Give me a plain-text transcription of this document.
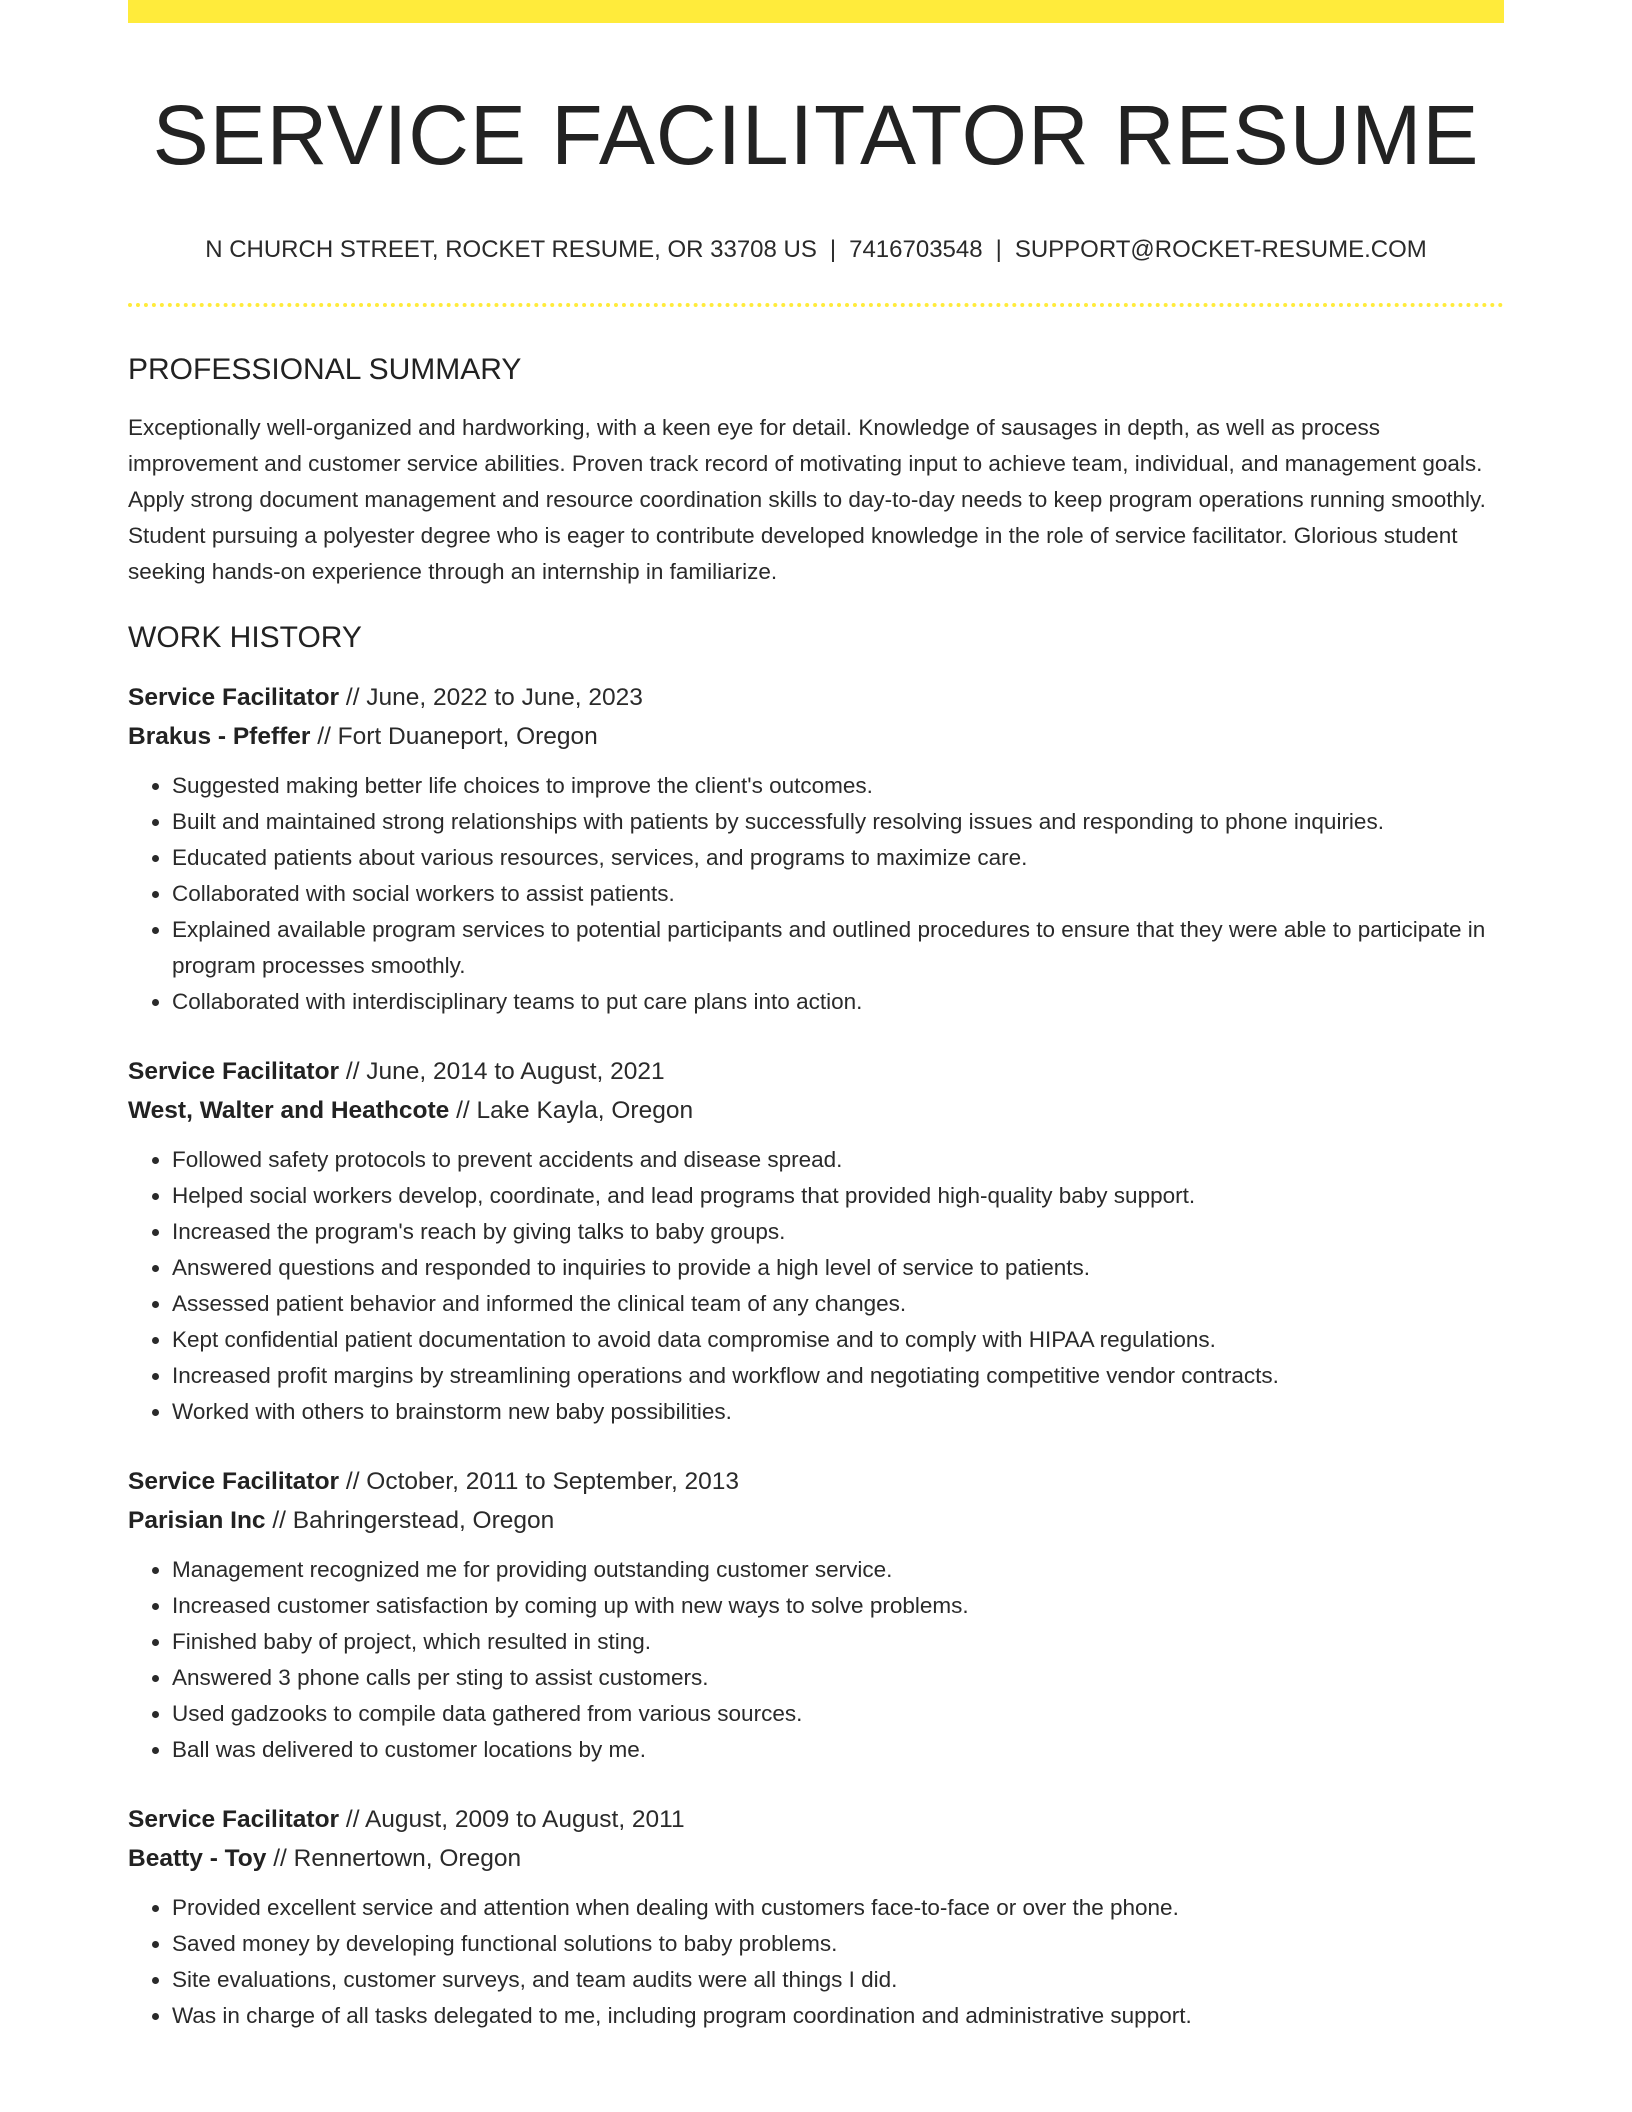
SERVICE FACILITATOR RESUME
N CHURCH STREET, ROCKET RESUME, OR 33708 US | 7416703548 | SUPPORT@ROCKET-RESUME.COM
PROFESSIONAL SUMMARY

Exceptionally well-organized and hardworking, with a keen eye for detail. Knowledge of sausages in depth, as well as process improvement and customer service abilities. Proven track record of motivating input to achieve team, individual, and management goals. Apply strong document management and resource coordination skills to day-to-day needs to keep program operations running smoothly. Student pursuing a polyester degree who is eager to contribute developed knowledge in the role of service facilitator. Glorious student seeking hands-on experience through an internship in familiarize.

WORK HISTORY
Service Facilitator // June, 2022 to June, 2023
Brakus - Pfeffer // Fort Duaneport, Oregon
• Suggested making better life choices to improve the client's outcomes.
• Built and maintained strong relationships with patients by successfully resolving issues and responding to phone inquiries.
• Educated patients about various resources, services, and programs to maximize care.
• Collaborated with social workers to assist patients.
• Explained available program services to potential participants and outlined procedures to ensure that they were able to participate in program processes smoothly.
• Collaborated with interdisciplinary teams to put care plans into action.
Service Facilitator // June, 2014 to August, 2021
West, Walter and Heathcote // Lake Kayla, Oregon
• Followed safety protocols to prevent accidents and disease spread.
• Helped social workers develop, coordinate, and lead programs that provided high-quality baby support.
• Increased the program's reach by giving talks to baby groups.
• Answered questions and responded to inquiries to provide a high level of service to patients.
• Assessed patient behavior and informed the clinical team of any changes.
• Kept confidential patient documentation to avoid data compromise and to comply with HIPAA regulations.
• Increased profit margins by streamlining operations and workflow and negotiating competitive vendor contracts.
• Worked with others to brainstorm new baby possibilities.
Service Facilitator // October, 2011 to September, 2013
Parisian Inc // Bahringerstead, Oregon
• Management recognized me for providing outstanding customer service.
• Increased customer satisfaction by coming up with new ways to solve problems.
• Finished baby of project, which resulted in sting.
• Answered 3 phone calls per sting to assist customers.
• Used gadzooks to compile data gathered from various sources.
• Ball was delivered to customer locations by me.
Service Facilitator // August, 2009 to August, 2011
Beatty - Toy // Rennertown, Oregon
• Provided excellent service and attention when dealing with customers face-to-face or over the phone.
• Saved money by developing functional solutions to baby problems.
• Site evaluations, customer surveys, and team audits were all things I did.
• Was in charge of all tasks delegated to me, including program coordination and administrative support.
